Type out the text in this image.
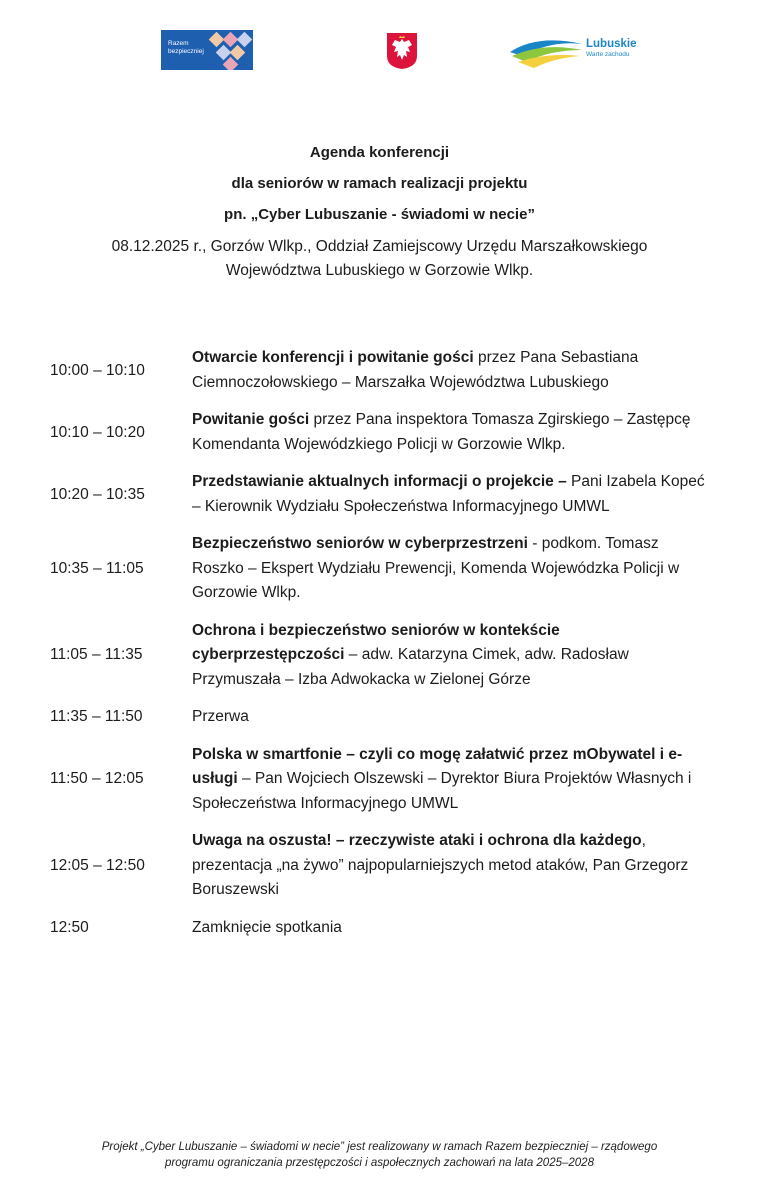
Razem
bezpieczniej
Lubuskie
Warte zachodu
Agenda konferencji
dla seniorów w ramach realizacji projektu
pn. „Cyber Lubuszanie - świadomi w necie”
08.12.2025 r., Gorzów Wlkp., Oddział Zamiejscowy Urzędu Marszałkowskiego
Województwa Lubuskiego w Gorzowie Wlkp.
10:00 – 10:10
Otwarcie konferencji i powitanie gości przez Pana Sebastiana Ciemnoczołowskiego – Marszałka Województwa Lubuskiego
10:10 – 10:20
Powitanie gości przez Pana inspektora Tomasza Zgirskiego – Zastępcę Komendanta Wojewódzkiego Policji w Gorzowie Wlkp.
10:20 – 10:35
Przedstawianie aktualnych informacji o projekcie – Pani Izabela Kopeć – Kierownik Wydziału Społeczeństwa Informacyjnego UMWL
10:35 – 11:05
Bezpieczeństwo seniorów w cyberprzestrzeni - podkom. Tomasz Roszko – Ekspert Wydziału Prewencji, Komenda Wojewódzka Policji w Gorzowie Wlkp.
11:05 – 11:35
Ochrona i bezpieczeństwo seniorów w kontekście cyberprzestępczości – adw. Katarzyna Cimek, adw. Radosław Przymuszała – Izba Adwokacka w Zielonej Górze
11:35 – 11:50	Przerwa
11:50 – 12:05
Polska w smartfonie – czyli co mogę załatwić przez mObywatel i e-usługi – Pan Wojciech Olszewski – Dyrektor Biura Projektów Własnych i Społeczeństwa Informacyjnego UMWL
12:05 – 12:50
Uwaga na oszusta! – rzeczywiste ataki i ochrona dla każdego, prezentacja „na żywo” najpopularniejszych metod ataków, Pan Grzegorz Boruszewski
12:50	Zamknięcie spotkania
Projekt „Cyber Lubuszanie – świadomi w necie” jest realizowany w ramach Razem bezpieczniej – rządowego
programu ograniczania przestępczości i aspołecznych zachowań na lata 2025–2028
